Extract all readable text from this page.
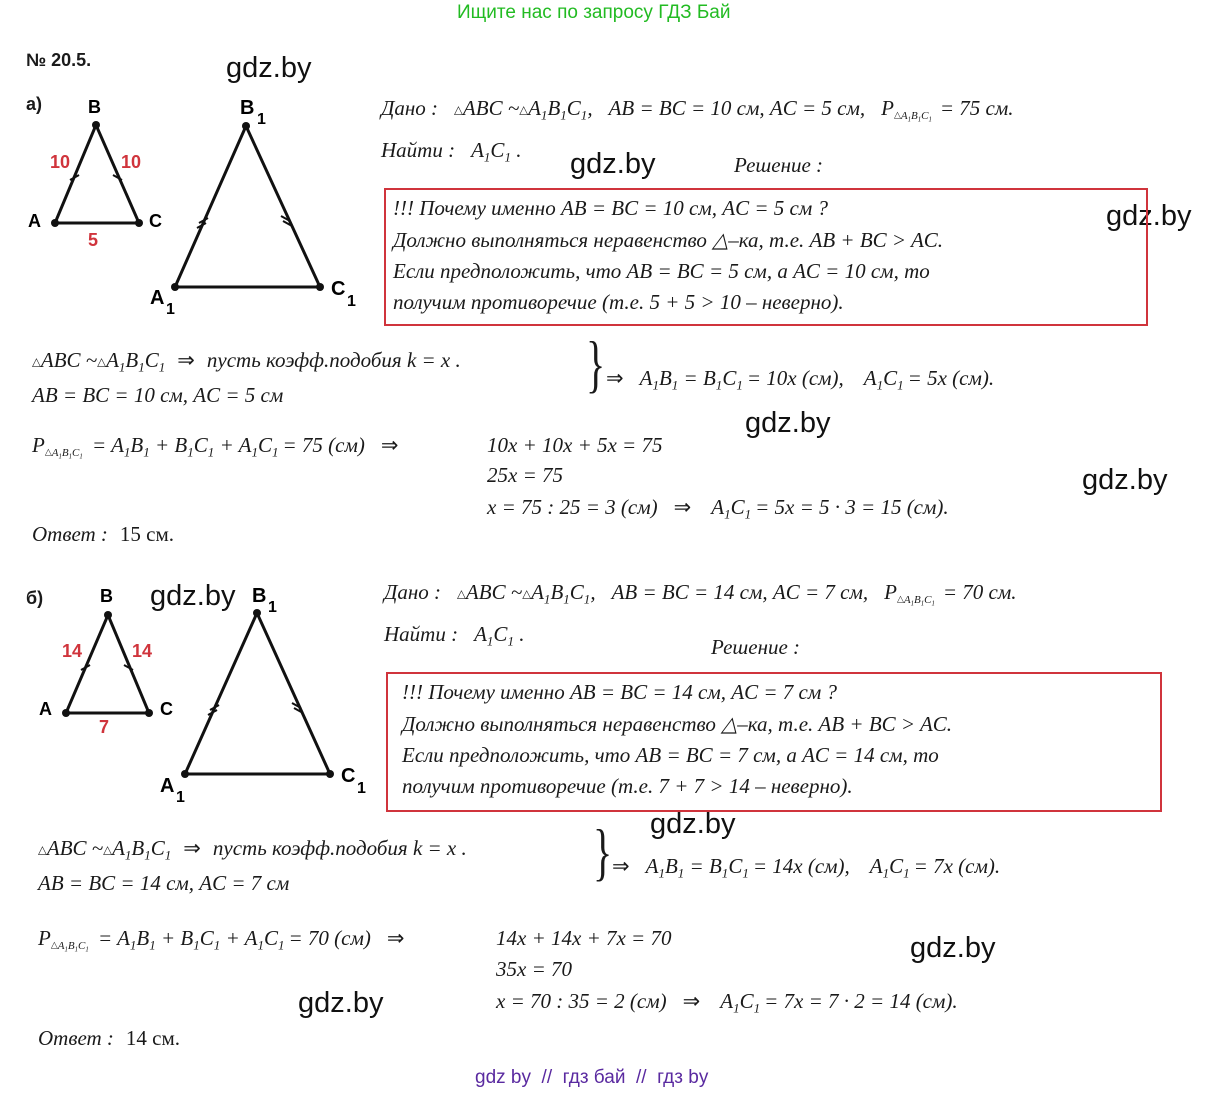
Ищите нас по запросу ГДЗ Бай
№ 20.5.	gdz.by
gdz.by
gdz.by
gdz.by
gdz.by
gdz.by
gdz.by
gdz.by
gdz.by
а)	B
A	C
10	10
5
B
1
A
1
C
1
Дано : △ABC $\sim\triangle A_1B_1C_1$, AB = BC = 10 см, AC = 5 см, $P_{\triangle A_1B_1C_1} = 75$ см.
Найти : $A_1C_1$ .
Решение :
!!! Почему именно AB = BC = 10 см, AC = 5 см ?
Должно выполняться неравенство △–ка, т.е. AB + BC > AC.
Если предположить, что AB = BC = 5 см, а AC = 10 см, то
получим противоречие (т.е. 5 + 5 > 10 – неверно).
△ABC $\sim\triangle A_1B_1C_1$ ⇒ пусть коэфф.подобия k = x .
AB = BC = 10 см, AC = 5 см	} ⇒ $A_1B_1 = B_1C_1 = 10x$ (см), $A_1C_1 = 5x$ (см).
$P_{\triangle A_1B_1C_1} = A_1B_1 + B_1C_1 + A_1C_1 = 75$ (см) ⇒	10x + 10x + 5x = 75
25x = 75
x = 75 : 25 = 3 (см) ⇒ $A_1C_1 = 5x = 5 \cdot 3 = 15$ (см).
Ответ : 15 см.
б)	B
A	C
14	14
7
B
1
A
1
C
1
Дано : △ABC $\sim\triangle A_1B_1C_1$, AB = BC = 14 см, AC = 7 см, $P_{\triangle A_1B_1C_1} = 70$ см.
Найти : $A_1C_1$ .
Решение :
!!! Почему именно AB = BC = 14 см, AC = 7 см ?
Должно выполняться неравенство △–ка, т.е. AB + BC > AC.
Если предположить, что AB = BC = 7 см, а AC = 14 см, то
получим противоречие (т.е. 7 + 7 > 14 – неверно).
△ABC $\sim\triangle A_1B_1C_1$ ⇒ пусть коэфф.подобия k = x .
AB = BC = 14 см, AC = 7 см	} ⇒ $A_1B_1 = B_1C_1 = 14x$ (см), $A_1C_1 = 7x$ (см).
$P_{\triangle A_1B_1C_1} = A_1B_1 + B_1C_1 + A_1C_1 = 70$ (см) ⇒	14x + 14x + 7x = 70
35x = 70
x = 70 : 35 = 2 (см) ⇒ $A_1C_1 = 7x = 7 \cdot 2 = 14$ (см).
Ответ : 14 см.
gdz by  //  гдз бай  //  гдз by
